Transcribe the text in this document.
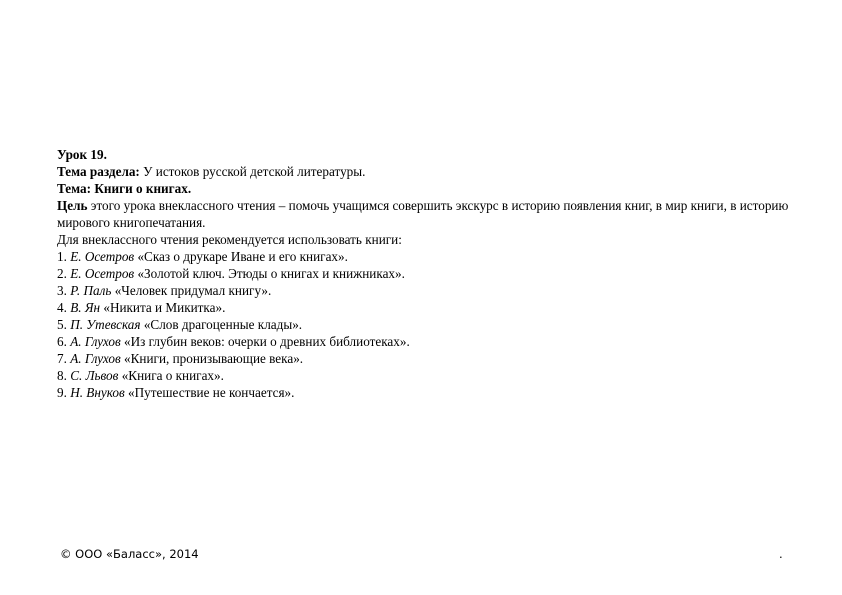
Урок 19.
Тема раздела: У истоков русской детской литературы.
Тема: Книги о книгах.
Цель этого урока внеклассного чтения – помочь учащимся совершить экскурс в историю появления книг, в мир книги, в историю мирового книгопечатания.
Для внеклассного чтения рекомендуется использовать книги:
1. Е. Осетров «Сказ о друкаре Иване и его книгах».
2. Е. Осетров «Золотой ключ. Этюды о книгах и книжниках».
3. Р. Паль «Человек придумал книгу».
4. В. Ян «Никита и Микитка».
5. П. Утевская «Слов драгоценные клады».
6. А. Глухов «Из глубин веков: очерки о древних библиотеках».
7. А. Глухов «Книги, пронизывающие века».
8. С. Львов «Книга о книгах».
9. Н. Внуков «Путешествие не кончается».
© ООО «Баласс», 2014	.
